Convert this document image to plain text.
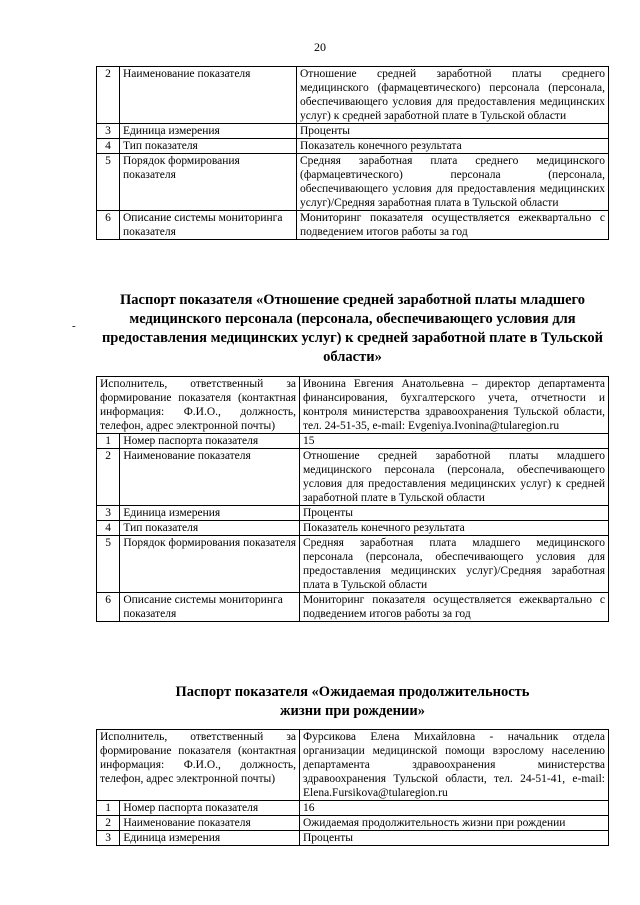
20
2	Наименование показателя	Отношение средней заработной платы среднего медицинского (фармацевтического) персонала (персонала, обеспечивающего условия для предоставления медицинских услуг) к средней заработной плате в Тульской области
3	Единица измерения	Проценты
4	Тип показателя	Показатель конечного результата
5	Порядок формирования показателя	Средняя заработная плата среднего медицинского (фармацевтического) персонала (персонала, обеспечивающего условия для предоставления медицинских услуг)/Средняя заработная плата в Тульской области
6	Описание системы мониторинга показателя	Мониторинг показателя осуществляется ежеквартально с подведением итогов работы за год
-
Паспорт показателя «Отношение средней заработной платы младшего медицинского персонала (персонала, обеспечивающего условия для предоставления медицинских услуг) к средней заработной плате в Тульской области»
Исполнитель, ответственный за формирование показателя (контактная информация: Ф.И.О., должность, телефон, адрес электронной почты)		Ивонина Евгения Анатольевна – директор департамента финансирования, бухгалтерского учета, отчетности и контроля министерства здравоохранения Тульской области, тел. 24-51-35, e-mail: Evgeniya.Ivonina@tularegion.ru
1	Номер паспорта показателя	15
2	Наименование показателя	Отношение средней заработной платы младшего медицинского персонала (персонала, обеспечивающего условия для предоставления медицинских услуг) к средней заработной плате в Тульской области
3	Единица измерения	Проценты
4	Тип показателя	Показатель конечного результата
5	Порядок формирования показателя	Средняя заработная плата младшего медицинского персонала (персонала, обеспечивающего условия для предоставления медицинских услуг)/Средняя заработная плата в Тульской области
6	Описание системы мониторинга показателя	Мониторинг показателя осуществляется ежеквартально с подведением итогов работы за год
Паспорт показателя «Ожидаемая продолжительность жизни при рождении»
Исполнитель, ответственный за формирование показателя (контактная информация: Ф.И.О., должность, телефон, адрес электронной почты)		Фурсикова Елена Михайловна - начальник отдела организации медицинской помощи взрослому населению департамента здравоохранения министерства здравоохранения Тульской области, тел. 24-51-41, e-mail: Elena.Fursikova@tularegion.ru
1	Номер паспорта показателя	16
2	Наименование показателя	Ожидаемая продолжительность жизни при рождении
3	Единица измерения	Проценты
